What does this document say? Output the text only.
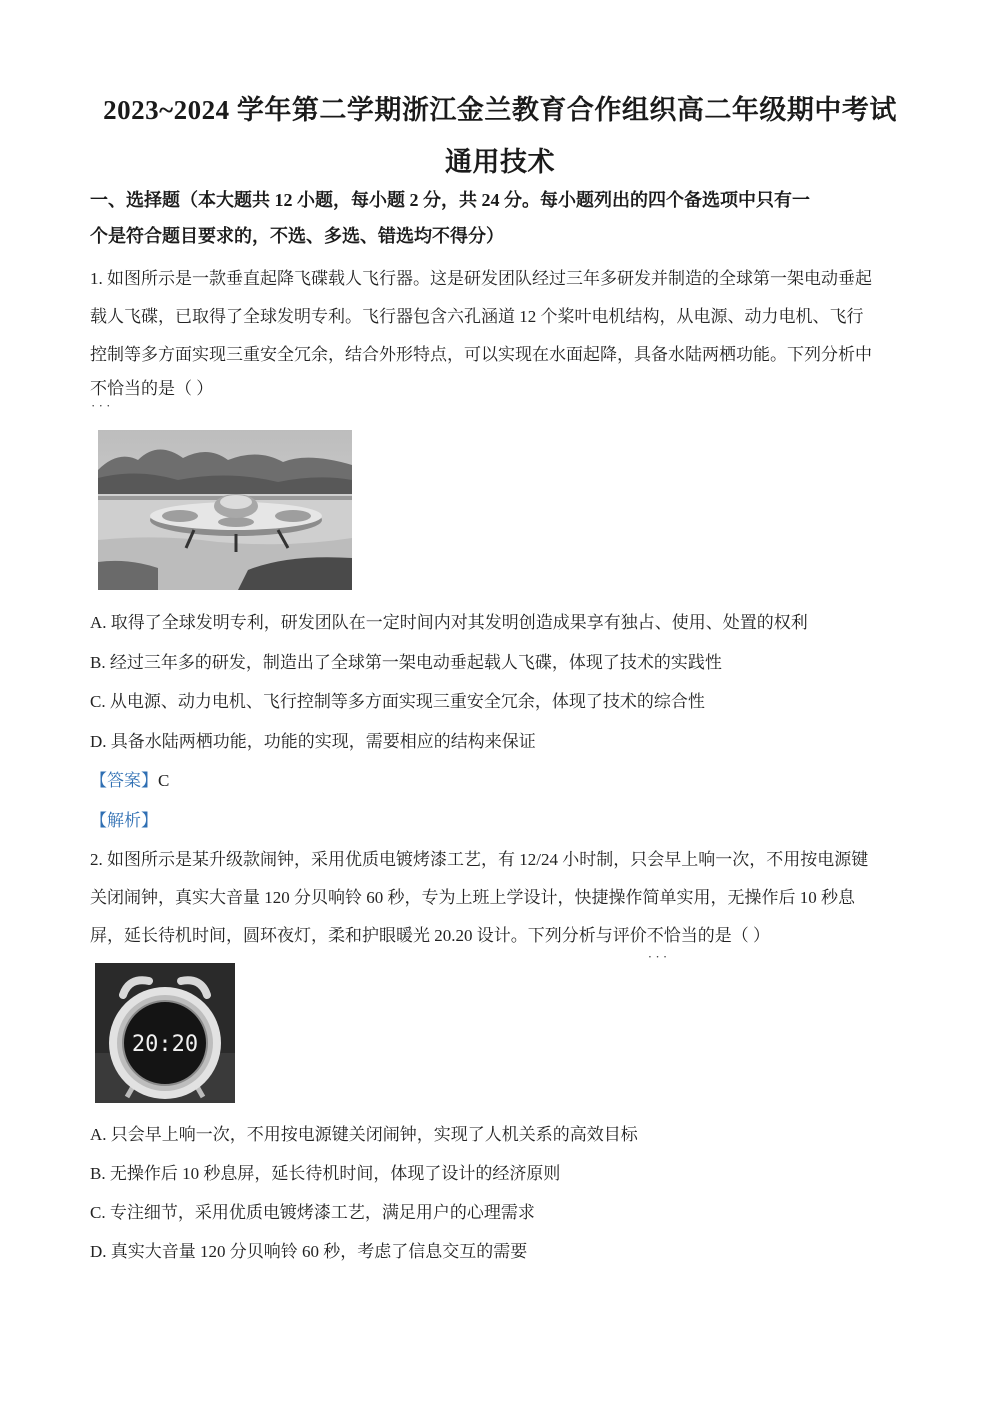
2023~2024 学年第二学期浙江金兰教育合作组织高二年级期中考试
通用技术
一、选择题（本大题共 12 小题，每小题 2 分，共 24 分。每小题列出的四个备选项中只有一
个是符合题目要求的，不选、多选、错选均不得分）
1. 如图所示是一款垂直起降飞碟载人飞行器。这是研发团队经过三年多研发并制造的全球第一架电动垂起
载人飞碟，已取得了全球发明专利。飞行器包含六孔涵道 12 个桨叶电机结构，从电源、动力电机、飞行
控制等多方面实现三重安全冗余，结合外形特点，可以实现在水面起降，具备水陆两栖功能。下列分析中
不恰当 · · ·的是（ ）
A. 取得了全球发明专利，研发团队在一定时间内对其发明创造成果享有独占、使用、处置的权利
B. 经过三年多的研发，制造出了全球第一架电动垂起载人飞碟，体现了技术的实践性
C. 从电源、动力电机、飞行控制等多方面实现三重安全冗余，体现了技术的综合性
D. 具备水陆两栖功能，功能的实现，需要相应的结构来保证
【答案】C
【解析】
2. 如图所示是某升级款闹钟，采用优质电镀烤漆工艺，有 12/24 小时制，只会早上响一次，不用按电源键
关闭闹钟，真实大音量 120 分贝响铃 60 秒，专为上班上学设计，快捷操作简单实用，无操作后 10 秒息
屏，延长待机时间，圆环夜灯，柔和护眼暖光 20.20 设计。下列分析与评价不恰当 · · ·的是（ ）
20:20
A. 只会早上响一次，不用按电源键关闭闹钟，实现了人机关系的高效目标
B. 无操作后 10 秒息屏，延长待机时间，体现了设计的经济原则
C. 专注细节，采用优质电镀烤漆工艺，满足用户的心理需求
D. 真实大音量 120 分贝响铃 60 秒，考虑了信息交互的需要
